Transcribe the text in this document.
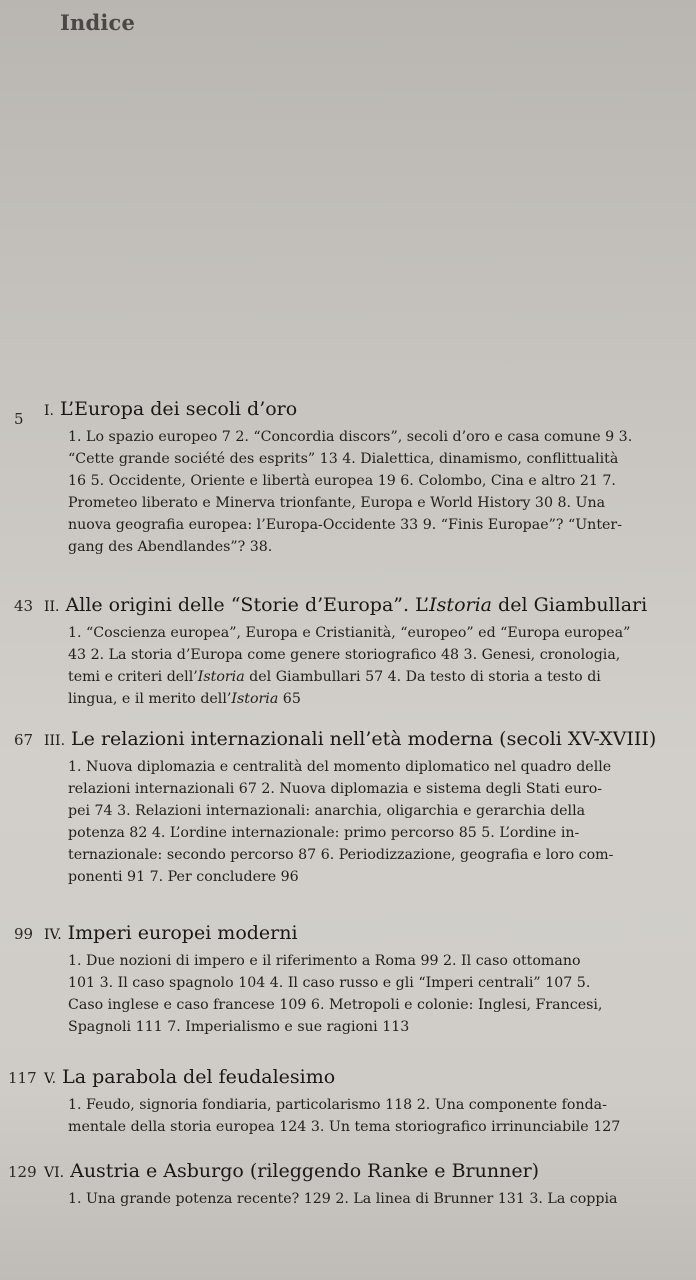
Indice
5 I. L’Europa dei secoli d’oro
1. Lo spazio europeo 7 2. “Concordia discors”, secoli d’oro e casa comune 9 3.
“Cette grande société des esprits” 13 4. Dialettica, dinamismo, conflittualità
16 5. Occidente, Oriente e libertà europea 19 6. Colombo, Cina e altro 21 7.
Prometeo liberato e Minerva trionfante, Europa e World History 30 8. Una
nuova geografia europea: l’Europa-Occidente 33 9. “Finis Europae”? “Unter-
gang des Abendlandes”? 38.
43 II. Alle origini delle “Storie d’Europa”. L’Istoria del Giambullari
1. “Coscienza europea”, Europa e Cristianità, “europeo” ed “Europa europea”
43 2. La storia d’Europa come genere storiografico 48 3. Genesi, cronologia,
temi e criteri dell’Istoria del Giambullari 57 4. Da testo di storia a testo di
lingua, e il merito dell’Istoria 65
67 III. Le relazioni internazionali nell’età moderna (secoli XV-XVIII)
1. Nuova diplomazia e centralità del momento diplomatico nel quadro delle
relazioni internazionali 67 2. Nuova diplomazia e sistema degli Stati euro-
pei 74 3. Relazioni internazionali: anarchia, oligarchia e gerarchia della
potenza 82 4. L’ordine internazionale: primo percorso 85 5. L’ordine in-
ternazionale: secondo percorso 87 6. Periodizzazione, geografia e loro com-
ponenti 91 7. Per concludere 96
99 IV. Imperi europei moderni
1. Due nozioni di impero e il riferimento a Roma 99 2. Il caso ottomano
101 3. Il caso spagnolo 104 4. Il caso russo e gli “Imperi centrali” 107 5.
Caso inglese e caso francese 109 6. Metropoli e colonie: Inglesi, Francesi,
Spagnoli 111 7. Imperialismo e sue ragioni 113
117 V. La parabola del feudalesimo
1. Feudo, signoria fondiaria, particolarismo 118 2. Una componente fonda-
mentale della storia europea 124 3. Un tema storiografico irrinunciabile 127
129 VI. Austria e Asburgo (rileggendo Ranke e Brunner)
1. Una grande potenza recente? 129 2. La linea di Brunner 131 3. La coppia
